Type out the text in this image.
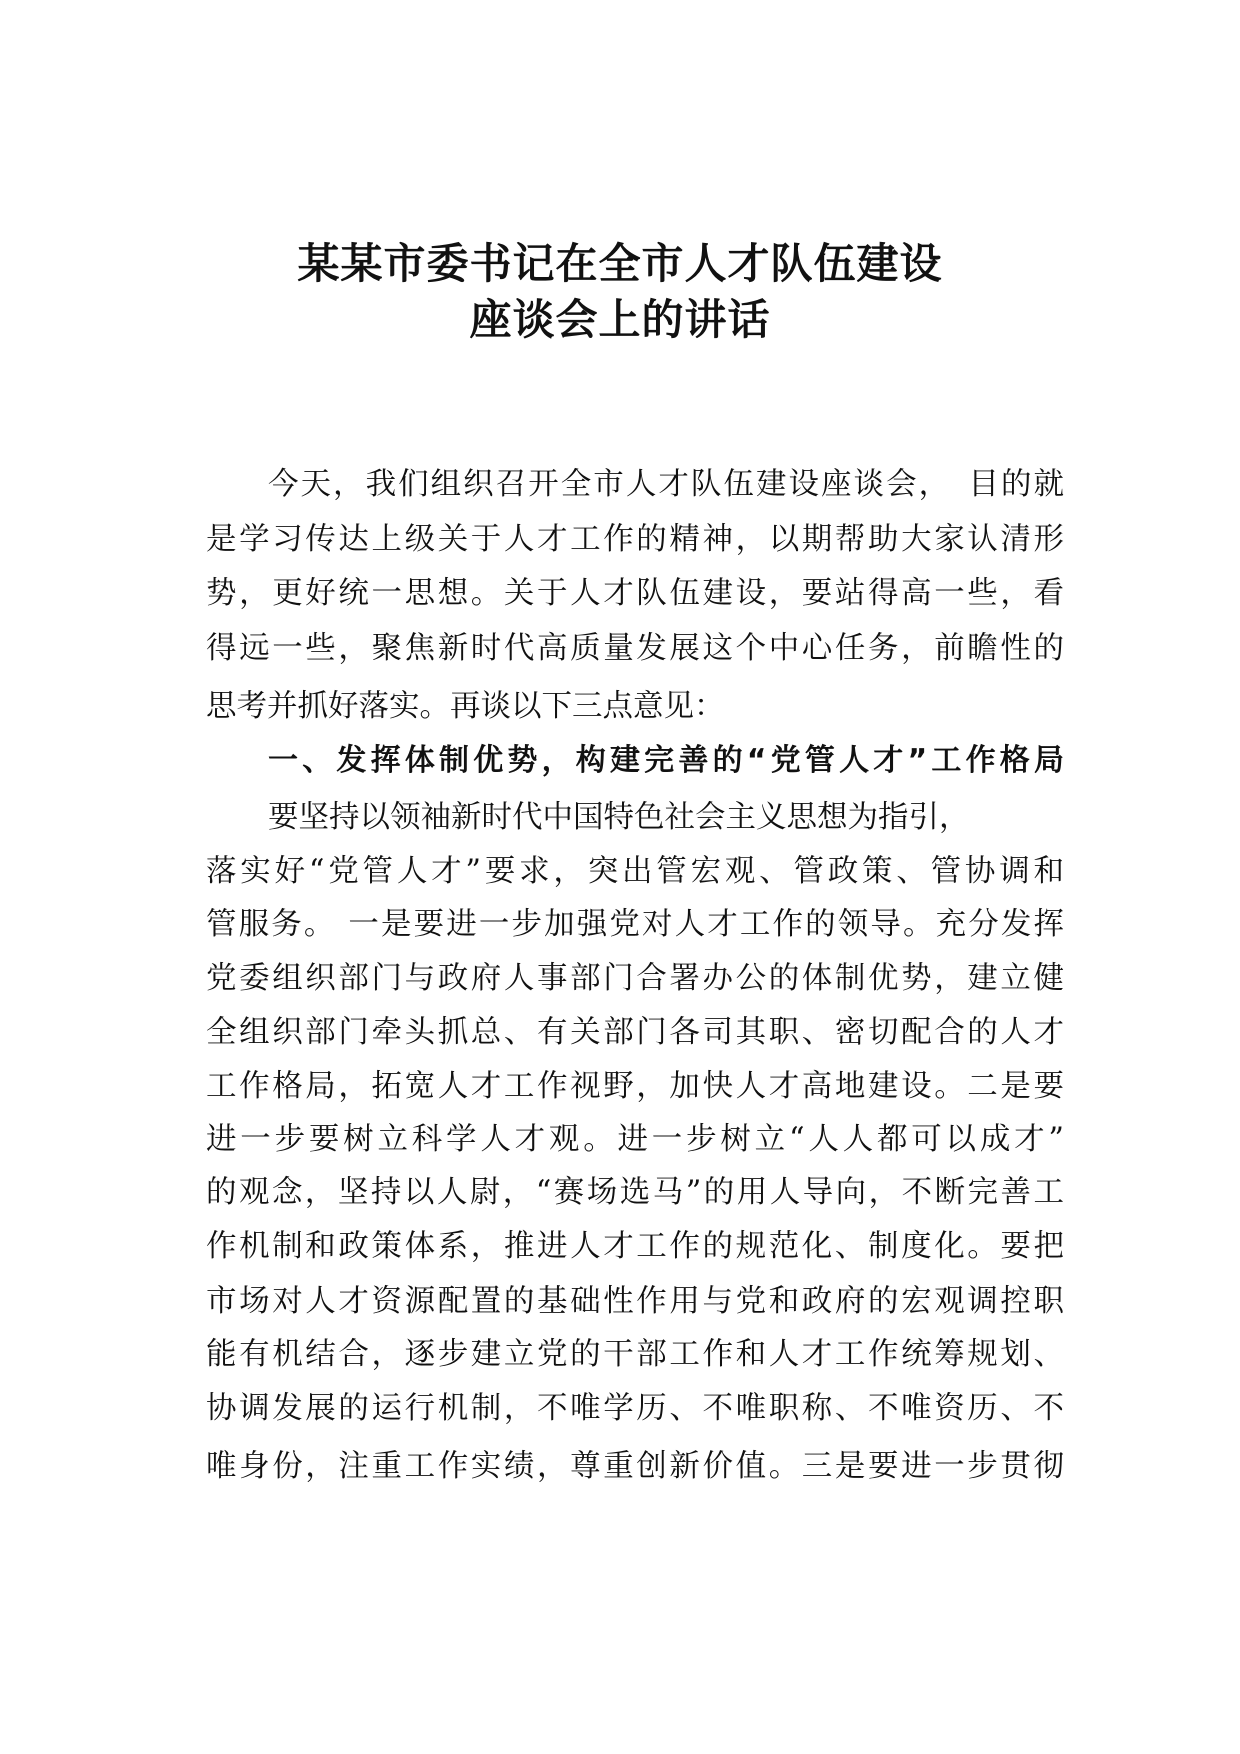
某某市委书记在全市人才队伍建设
座谈会上的讲话

今天，我们组织召开全市人才队伍建设座谈会，　目的就

是学习传达上级关于人才工作的精神，以期帮助大家认清形

势，更好统一思想。关于人才队伍建设，要站得高一些，看

得远一些，聚焦新时代高质量发展这个中心任务，前瞻性的

思考并抓好落实。再谈以下三点意见：

一、发挥体制优势，构建完善的“党管人才”工作格局

要坚持以领袖新时代中国特色社会主义思想为指引，

落实好“党管人才”要求，突出管宏观、管政策、管协调和

管服务。 一是要进一步加强党对人才工作的领导。充分发挥

党委组织部门与政府人事部门合署办公的体制优势，建立健

全组织部门牵头抓总、有关部门各司其职、密切配合的人才

工作格局，拓宽人才工作视野，加快人才高地建设。二是要

进一步要树立科学人才观。进一步树立“人人都可以成才”

的观念，坚持以人尉，“赛场选马”的用人导向，不断完善工

作机制和政策体系，推进人才工作的规范化、制度化。要把

市场对人才资源配置的基础性作用与党和政府的宏观调控职

能有机结合，逐步建立党的干部工作和人才工作统筹规划、

协调发展的运行机制，不唯学历、不唯职称、不唯资历、不

唯身份，注重工作实绩，尊重创新价值。三是要进一步贯彻
